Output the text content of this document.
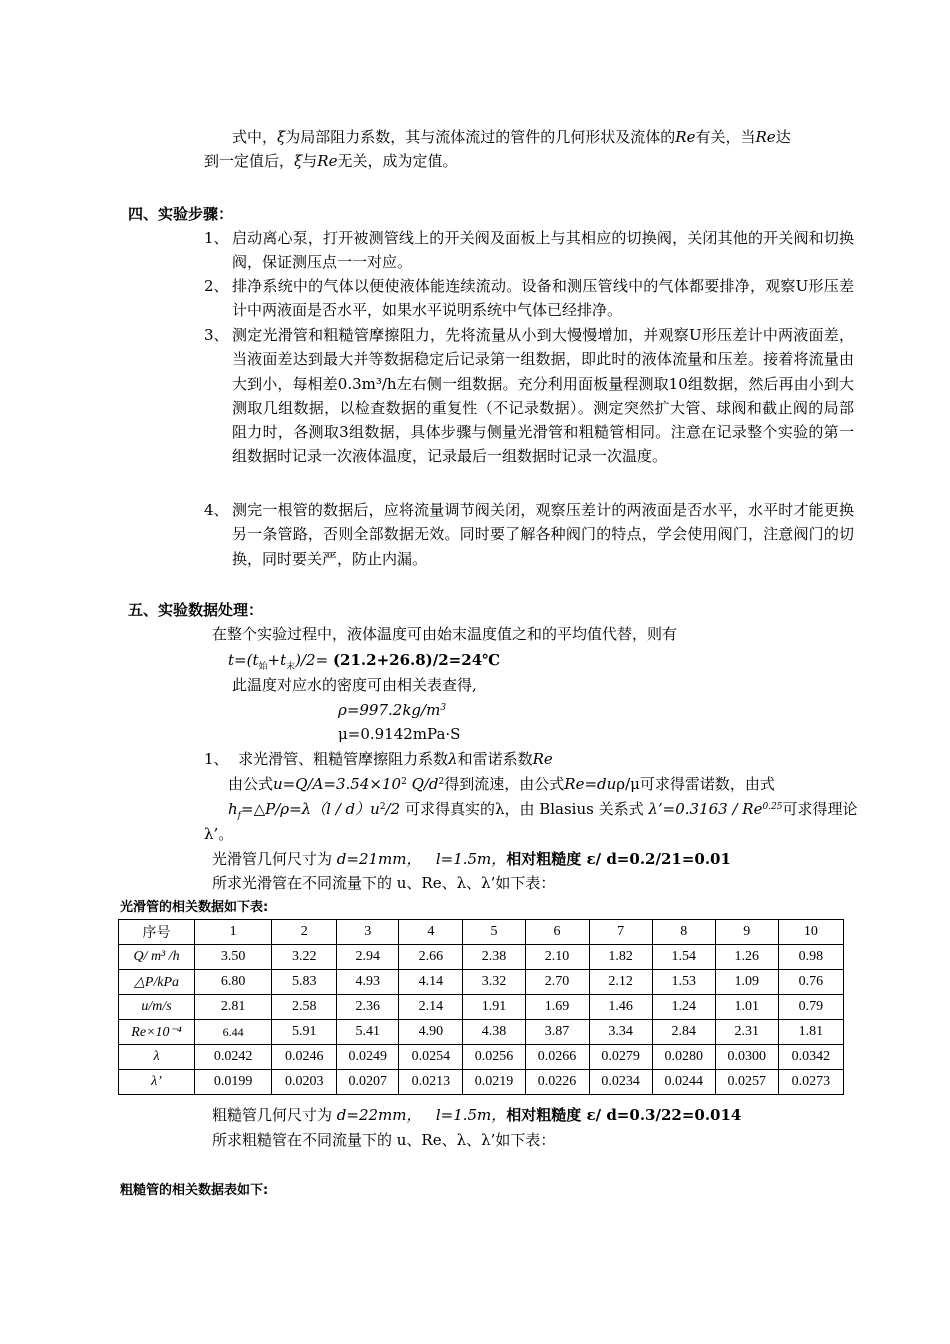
式中，ξ为局部阻力系数，其与流体流过的管件的几何形状及流体的Re有关，当Re达
到一定值后，ξ与Re无关，成为定值。
四、实验步骤：
1、 启动离心泵，打开被测管线上的开关阀及面板上与其相应的切换阀，关闭其他的开关阀和切换阀，保证测压点一一对应。
2、 排净系统中的气体以便使液体能连续流动。设备和测压管线中的气体都要排净，观察U形压差计中两液面是否水平，如果水平说明系统中气体已经排净。
3、 测定光滑管和粗糙管摩擦阻力，先将流量从小到大慢慢增加，并观察U形压差计中两液面差，当液面差达到最大并等数据稳定后记录第一组数据，即此时的液体流量和压差。接着将流量由大到小，每相差0.3m³/h左右侧一组数据。充分利用面板量程测取10组数据，然后再由小到大测取几组数据，以检查数据的重复性（不记录数据）。测定突然扩大管、球阀和截止阀的局部阻力时，各测取3组数据，具体步骤与侧量光滑管和粗糙管相同。注意在记录整个实验的第一组数据时记录一次液体温度，记录最后一组数据时记录一次温度。
4、 测完一根管的数据后，应将流量调节阀关闭，观察压差计的两液面是否水平，水平时才能更换另一条管路，否则全部数据无效。同时要了解各种阀门的特点，学会使用阀门，注意阀门的切换，同时要关严，防止内漏。
五、实验数据处理：
在整个实验过程中，液体温度可由始末温度值之和的平均值代替，则有
$t=(t_始+t_末)/2=$ (21.2+26.8)/2=24℃
此温度对应水的密度可由相关表查得,
$\rho=997.2kg/m^3$
μ=0.9142mPa·S
1、 求光滑管、粗糙管摩擦阻力系数λ和雷诺系数Re
由公式$u=Q/A=3.54\times 10^2$ $Q/d^2$得到流速，由公式Re=duρ/μ可求得雷诺数，由式
$h_f=\triangle P/\rho=\lambda(l / d)u^2/2$ 可求得真实的λ，由 Blasius 关系式 λ’=0.3163 / $Re^{0.25}$可求得理论
λ’。
光滑管几何尺寸为 d=21mm， l=1.5m，相对粗糙度 ε/ d=0.2/21=0.01
所求光滑管在不同流量下的 u、Re、λ、λ’如下表：
光滑管的相关数据如下表:
序号	1	2	3	4	5	6	7	8	9	10
Q/ m³ /h	3.50	3.22	2.94	2.66	2.38	2.10	1.82	1.54	1.26	0.98
△P/kPa	6.80	5.83	4.93	4.14	3.32	2.70	2.12	1.53	1.09	0.76
u/m/s	2.81	2.58	2.36	2.14	1.91	1.69	1.46	1.24	1.01	0.79
Re×10⁻⁴	6.44	5.91	5.41	4.90	4.38	3.87	3.34	2.84	2.31	1.81
λ	0.0242	0.0246	0.0249	0.0254	0.0256	0.0266	0.0279	0.0280	0.0300	0.0342
λ’	0.0199	0.0203	0.0207	0.0213	0.0219	0.0226	0.0234	0.0244	0.0257	0.0273
粗糙管几何尺寸为 d=22mm， l=1.5m，相对粗糙度 ε/ d=0.3/22=0.014
所求粗糙管在不同流量下的 u、Re、λ、λ’如下表：
粗糙管的相关数据表如下:
